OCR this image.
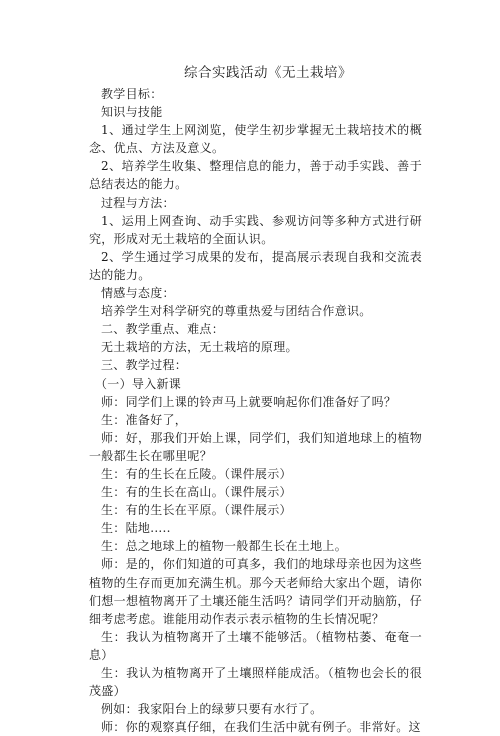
综合实践活动《无土栽培》

教学目标：

知识与技能

1、通过学生上网浏览，使学生初步掌握无土栽培技术的概念、优点、方法及意义。

2、培养学生收集、整理信息的能力，善于动手实践、善于总结表达的能力。

过程与方法：

1、运用上网查询、动手实践、参观访问等多种方式进行研究，形成对无土栽培的全面认识。

2、学生通过学习成果的发布，提高展示表现自我和交流表达的能力。

情感与态度：

培养学生对科学研究的尊重热爱与团结合作意识。

二、教学重点、难点：

无土栽培的方法，无土栽培的原理。

三、教学过程：

（一）导入新课

师：同学们上课的铃声马上就要响起你们准备好了吗？

生：准备好了，

师：好，那我们开始上课，同学们，我们知道地球上的植物一般都生长在哪里呢？

生：有的生长在丘陵。（课件展示）

生：有的生长在高山。（课件展示）

生：有的生长在平原。（课件展示）

生：陆地.....

生：总之地球上的植物一般都生长在土地上。

师：是的，你们知道的可真多，我们的地球母亲也因为这些植物的生存而更加充满生机。那今天老师给大家出个题，请你们想一想植物离开了土壤还能生活吗？请同学们开动脑筋，仔细考虑考虑。谁能用动作表示表示植物的生长情况呢？

生：我认为植物离开了土壤不能够活。（植物枯萎、奄奄一息）

生：我认为植物离开了土壤照样能成活。（植物也会长的很茂盛）

例如：我家阳台上的绿萝只要有水行了。

师：你的观察真仔细，在我们生活中就有例子。非常好。这
